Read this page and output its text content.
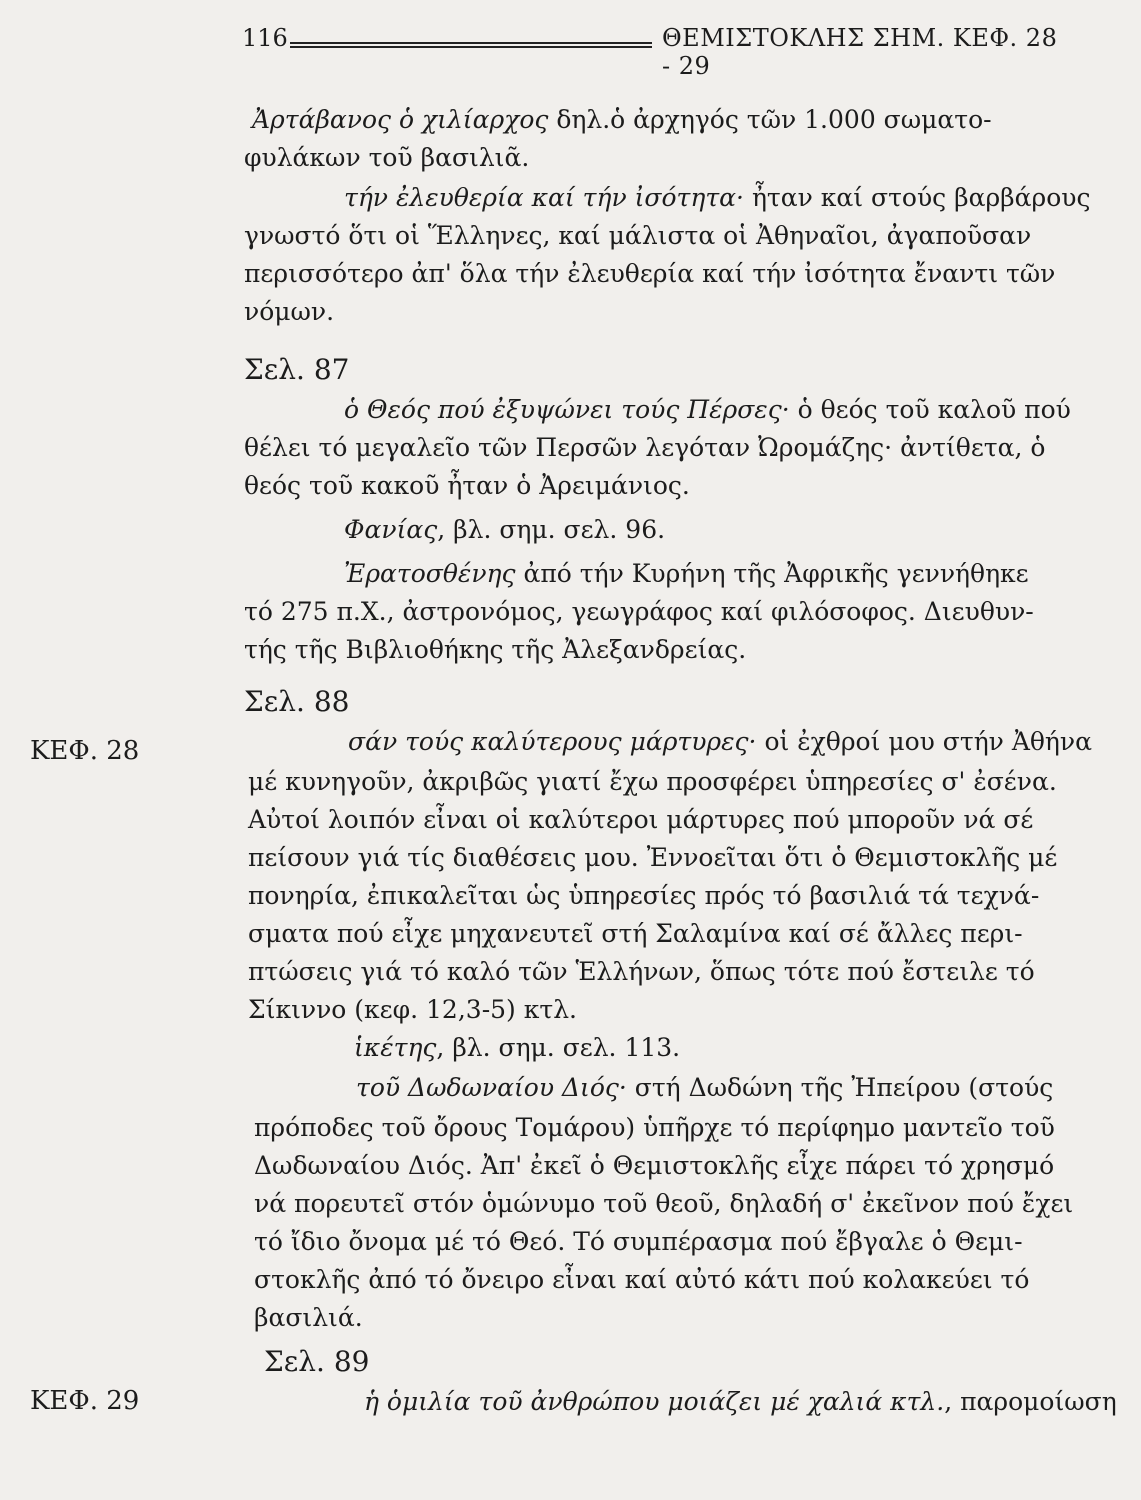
116	ΘΕΜΙΣΤΟΚΛΗΣ ΣΗΜ. ΚΕΦ. 28 - 29
ΚΕΦ. 28
ΚΕΦ. 29
Ἀρτάβανος ὁ χιλίαρχος δηλ.ὁ ἀρχηγός τῶν 1.000 σωματο-
φυλάκων τοῦ βασιλιᾶ.
τήν ἐλευθερία καί τήν ἰσότητα· ἦταν καί στούς βαρβάρους
γνωστό ὅτι οἱ Ἕλληνες, καί μάλιστα οἱ Ἀθηναῖοι, ἀγαποῦσαν
περισσότερο ἀπ' ὅλα τήν ἐλευθερία καί τήν ἰσότητα ἔναντι τῶν
νόμων.
Σελ. 87
ὁ Θεός πού ἐξυψώνει τούς Πέρσες· ὁ θεός τοῦ καλοῦ πού
θέλει τό μεγαλεῖο τῶν Περσῶν λεγόταν Ὠρομάζης· ἀντίθετα, ὁ
θεός τοῦ κακοῦ ἦταν ὁ Ἀρειμάνιος.
Φανίας, βλ. σημ. σελ. 96.
Ἐρατοσθένης ἀπό τήν Κυρήνη τῆς Ἀφρικῆς γεννήθηκε
τό 275 π.Χ., ἀστρονόμος, γεωγράφος καί φιλόσοφος. Διευθυν-
τής τῆς Βιβλιοθήκης τῆς Ἀλεξανδρείας.
Σελ. 88
σάν τούς καλύτερους μάρτυρες· οἱ ἐχθροί μου στήν Ἀθήνα
μέ κυνηγοῦν, ἀκριβῶς γιατί ἔχω προσφέρει ὑπηρεσίες σ' ἐσένα.
Αὐτοί λοιπόν εἶναι οἱ καλύτεροι μάρτυρες πού μποροῦν νά σέ
πείσουν γιά τίς διαθέσεις μου. Ἐννοεῖται ὅτι ὁ Θεμιστοκλῆς μέ
πονηρία, ἐπικαλεῖται ὡς ὑπηρεσίες πρός τό βασιλιά τά τεχνά-
σματα πού εἶχε μηχανευτεῖ στή Σαλαμίνα καί σέ ἄλλες περι-
πτώσεις γιά τό καλό τῶν Ἑλλήνων, ὅπως τότε πού ἔστειλε τό
Σίκιννο (κεφ. 12,3-5) κτλ.
ἱκέτης, βλ. σημ. σελ. 113.
τοῦ Δωδωναίου Διός· στή Δωδώνη τῆς Ἠπείρου (στούς
πρόποδες τοῦ ὄρους Τομάρου) ὑπῆρχε τό περίφημο μαντεῖο τοῦ
Δωδωναίου Διός. Ἀπ' ἐκεῖ ὁ Θεμιστοκλῆς εἶχε πάρει τό χρησμό
νά πορευτεῖ στόν ὁμώνυμο τοῦ θεοῦ, δηλαδή σ' ἐκεῖνον πού ἔχει
τό ἴδιο ὄνομα μέ τό Θεό. Τό συμπέρασμα πού ἔβγαλε ὁ Θεμι-
στοκλῆς ἀπό τό ὄνειρο εἶναι καί αὐτό κάτι πού κολακεύει τό
βασιλιά.
Σελ. 89
ἡ ὁμιλία τοῦ ἀνθρώπου μοιάζει μέ χαλιά κτλ., παρομοίωση
